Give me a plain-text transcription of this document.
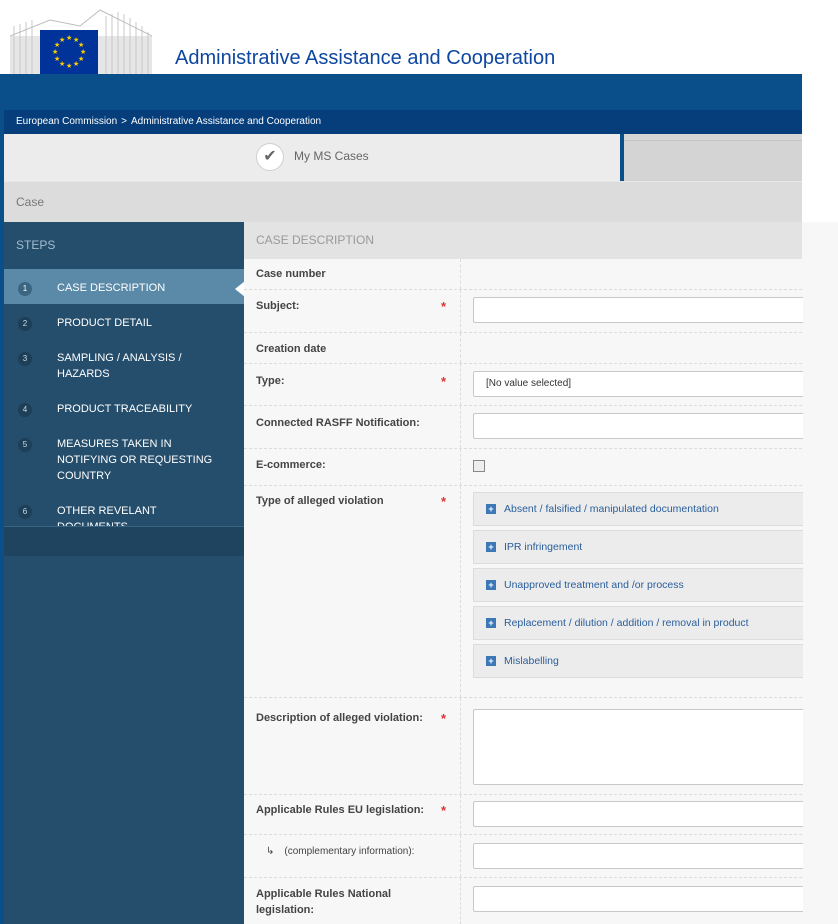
★ ★
★
★
★
★
★
★
★
★
★
★
Administrative Assistance and Cooperation
European Commission > Administrative Assistance and Cooperation
✔	My MS Cases
Case
STEPS
1	CASE DESCRIPTION
2	PRODUCT DETAIL
3	SAMPLING / ANALYSIS / HAZARDS
4	PRODUCT TRACEABILITY
5	MEASURES TAKEN IN NOTIFYING OR REQUESTING COUNTRY
6	OTHER REVELANT
CASE DESCRIPTION
Case number
Subject:	*
Creation date
Type:	*	[No value selected]
Connected RASFF Notification:
E-commerce:
Type of alleged violation	*	+ Absent / falsified / manipulated documentation
+ IPR infringement
+ Unapproved treatment and /or process
+ Replacement / dilution / addition / removal in product
+ Mislabelling
Description of alleged violation:	*
Applicable Rules EU legislation:	*
↳ (complementary information):
Applicable Rules National legislation:
